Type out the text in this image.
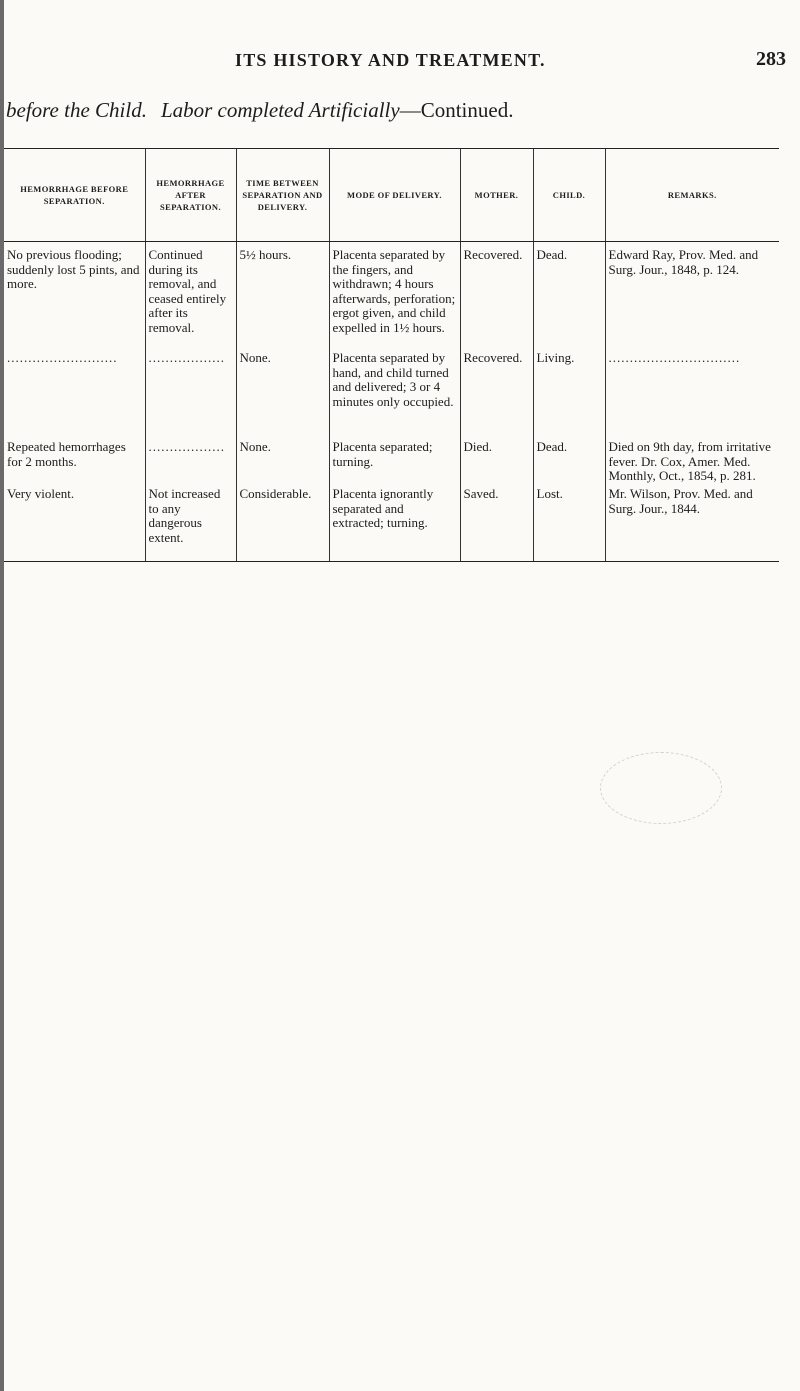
ITS HISTORY AND TREATMENT.	283
before the Child. Labor completed Artificially—Continued.
HEMORRHAGE BEFORE SEPARATION.	HEMORRHAGE AFTER SEPARATION.	TIME BETWEEN SEPARATION AND DELIVERY.	MODE OF DELIVERY.	MOTHER.	CHILD.	REMARKS.
No previous flooding; suddenly lost 5 pints, and more.	Continued during its removal, and ceased entirely after its removal.	5½ hours.	Placenta separated by the fingers, and withdrawn; 4 hours afterwards, perforation; ergot given, and child expelled in 1½ hours.	Recovered.	Dead.	Edward Ray, Prov. Med. and Surg. Jour., 1848, p. 124.
..........................	..................	None.	Placenta separated by hand, and child turned and delivered; 3 or 4 minutes only occupied.	Recovered.	Living.	...............................
Repeated hemorrhages for 2 months.	..................	None.	Placenta separated; turning.	Died.	Dead.	Died on 9th day, from irritative fever. Dr. Cox, Amer. Med. Monthly, Oct., 1854, p. 281.
Very violent.	Not increased to any dangerous extent.	Considerable.	Placenta ignorantly separated and extracted; turning.	Saved.	Lost.	Mr. Wilson, Prov. Med. and Surg. Jour., 1844.
